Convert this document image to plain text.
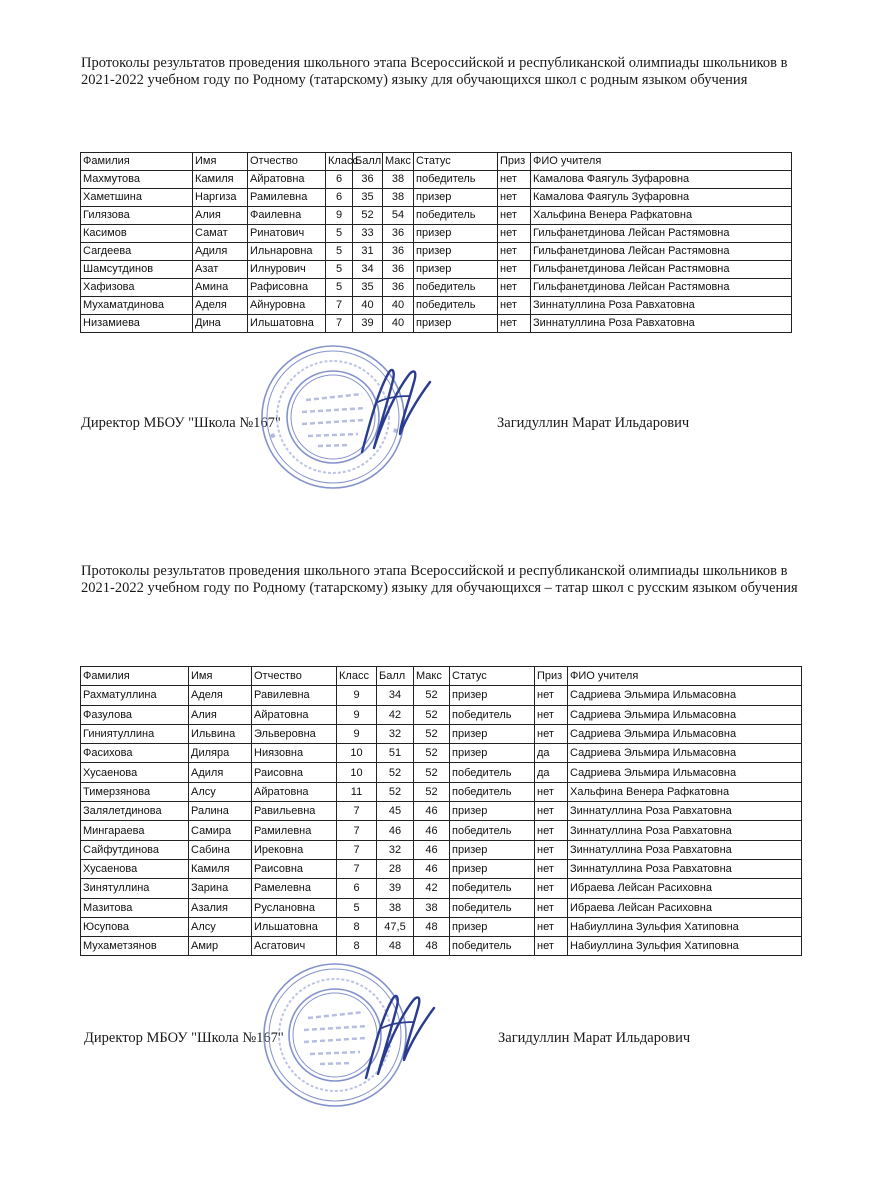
Протоколы результатов проведения школьного этапа Всероссийской и республиканской олимпиады школьников в 2021-2022 учебном году по Родному (татарскому) языку для обучающихся школ с родным языком обучения
Фамилия	Имя	Отчество	Класс	Балл	Макс	Статус	Приз	ФИО учителя
Махмутова	Камиля	Айратовна	6	36	38	победитель	нет	Камалова Фаягуль Зуфаровна
Хаметшина	Наргиза	Рамилевна	6	35	38	призер	нет	Камалова Фаягуль Зуфаровна
Гилязова	Алия	Фаилевна	9	52	54	победитель	нет	Хальфина Венера Рафкатовна
Касимов	Самат	Ринатович	5	33	36	призер	нет	Гильфанетдинова Лейсан Растямовна
Сагдеева	Адиля	Ильнаровна	5	31	36	призер	нет	Гильфанетдинова Лейсан Растямовна
Шамсутдинов	Азат	Илнурович	5	34	36	призер	нет	Гильфанетдинова Лейсан Растямовна
Хафизова	Амина	Рафисовна	5	35	36	победитель	нет	Гильфанетдинова Лейсан Растямовна
Мухаматдинова	Аделя	Айнуровна	7	40	40	победитель	нет	Зиннатуллина Роза Равхатовна
Низамиева	Дина	Ильшатовна	7	39	40	призер	нет	Зиннатуллина Роза Равхатовна
Директор МБОУ "Школа №167"	Загидуллин Марат Ильдарович
Протоколы результатов проведения школьного этапа Всероссийской и республиканской олимпиады школьников в 2021-2022 учебном году по Родному (татарскому) языку для обучающихся – татар школ с русским языком обучения
Фамилия	Имя	Отчество	Класс	Балл	Макс	Статус	Приз	ФИО учителя
Рахматуллина	Аделя	Равилевна	9	34	52	призер	нет	Садриева Эльмира Ильмасовна
Фазулова	Алия	Айратовна	9	42	52	победитель	нет	Садриева Эльмира Ильмасовна
Гиниятуллина	Ильвина	Эльверовна	9	32	52	призер	нет	Садриева Эльмира Ильмасовна
Фасихова	Диляра	Ниязовна	10	51	52	призер	да	Садриева Эльмира Ильмасовна
Хусаенова	Адиля	Раисовна	10	52	52	победитель	да	Садриева Эльмира Ильмасовна
Тимерзянова	Алсу	Айратовна	11	52	52	победитель	нет	Хальфина Венера Рафкатовна
Залялетдинова	Ралина	Равильевна	7	45	46	призер	нет	Зиннатуллина Роза Равхатовна
Мингараева	Самира	Рамилевна	7	46	46	победитель	нет	Зиннатуллина Роза Равхатовна
Сайфутдинова	Сабина	Ирековна	7	32	46	призер	нет	Зиннатуллина Роза Равхатовна
Хусаенова	Камиля	Раисовна	7	28	46	призер	нет	Зиннатуллина Роза Равхатовна
Зинятуллина	Зарина	Рамелевна	6	39	42	победитель	нет	Ибраева Лейсан Расиховна
Мазитова	Азалия	Руслановна	5	38	38	победитель	нет	Ибраева Лейсан Расиховна
Юсупова	Алсу	Ильшатовна	8	47,5	48	призер	нет	Набиуллина Зульфия Хатиповна
Мухаметзянов	Амир	Асгатович	8	48	48	победитель	нет	Набиуллина Зульфия Хатиповна
Директор МБОУ "Школа №167"	Загидуллин Марат Ильдарович
